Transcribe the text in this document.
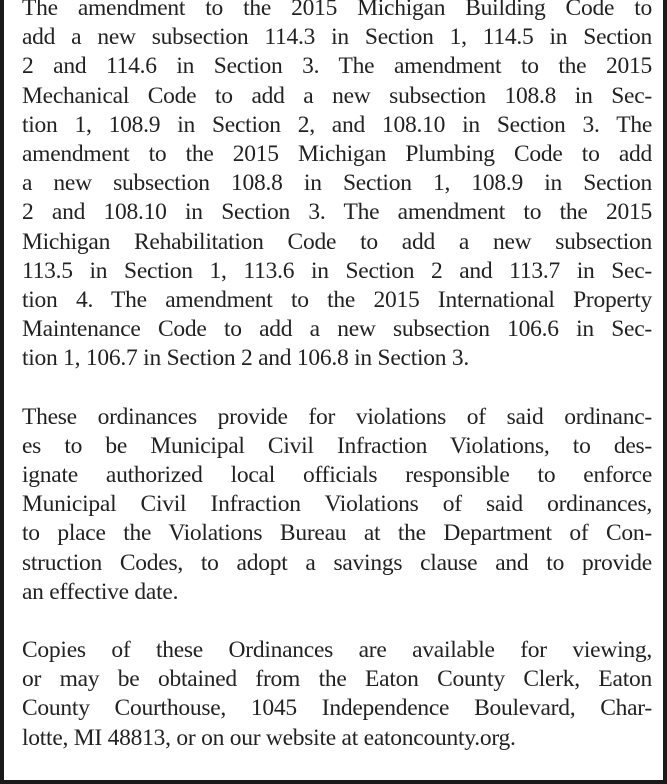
The amendment to the 2015 Michigan Building Code to
add a new subsection 114.3 in Section 1, 114.5 in Section
2 and 114.6 in Section 3. The amendment to the 2015
Mechanical Code to add a new subsection 108.8 in Sec-
tion 1, 108.9 in Section 2, and 108.10 in Section 3. The
amendment to the 2015 Michigan Plumbing Code to add
a new subsection 108.8 in Section 1, 108.9 in Section
2 and 108.10 in Section 3. The amendment to the 2015
Michigan Rehabilitation Code to add a new subsection
113.5 in Section 1, 113.6 in Section 2 and 113.7 in Sec-
tion 4. The amendment to the 2015 International Property
Maintenance Code to add a new subsection 106.6 in Sec-
tion 1, 106.7 in Section 2 and 106.8 in Section 3.

These ordinances provide for violations of said ordinanc-
es to be Municipal Civil Infraction Violations, to des-
ignate authorized local officials responsible to enforce
Municipal Civil Infraction Violations of said ordinances,
to place the Violations Bureau at the Department of Con-
struction Codes, to adopt a savings clause and to provide
an effective date.

Copies of these Ordinances are available for viewing,
or may be obtained from the Eaton County Clerk, Eaton
County Courthouse, 1045 Independence Boulevard, Char-
lotte, MI 48813, or on our website at eatoncounty.org.
